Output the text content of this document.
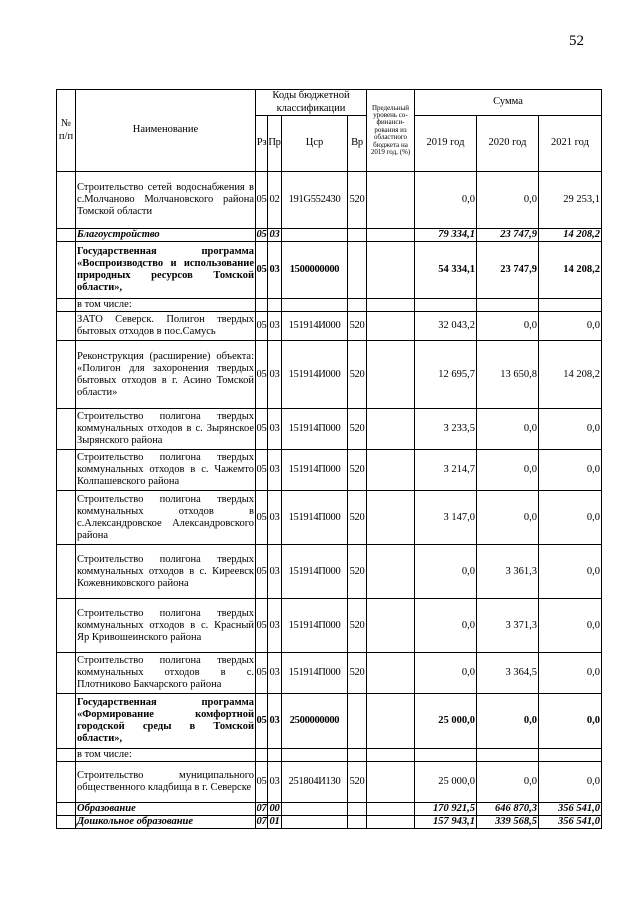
52
№ п/п	Наименование	Коды бюджетной классификации				Предельный уровень со-финанси-рования из областного бюджета на 2019 год, (%)	Сумма		
		Рз	Пр	Цср	Вр		2019 год	2020 год	2021 год
	Строительство сетей водоснабжения в с.Молчаново Молчановского района Томской области	05	02	191G552430	520		0,0	0,0	29 253,1
	Благоустройство	05	03				79 334,1	23 747,9	14 208,2
	Государственная программа «Воспроизводство и использование природных ресурсов Томской области»,	05	03	1500000000			54 334,1	23 747,9	14 208,2
	в том числе:								
	ЗАТО Северск. Полигон твердых бытовых отходов в пос.Самусь	05	03	151914И000	520		32 043,2	0,0	0,0
	Реконструкция (расширение) объекта: «Полигон для захоронения твердых бытовых отходов в г. Асино Томской области»	05	03	151914И000	520		12 695,7	13 650,8	14 208,2
	Строительство полигона твердых коммунальных отходов в с. Зырянское Зырянского района	05	03	151914П000	520		3 233,5	0,0	0,0
	Строительство полигона твердых коммунальных отходов в с. Чажемто Колпашевского района	05	03	151914П000	520		3 214,7	0,0	0,0
	Строительство полигона твердых коммунальных отходов в с.Александровское Александровского района	05	03	151914П000	520		3 147,0	0,0	0,0
	Строительство полигона твердых коммунальных отходов в с. Киреевск Кожевниковского района	05	03	151914П000	520		0,0	3 361,3	0,0
	Строительство полигона твердых коммунальных отходов в с. Красный Яр Кривошеинского района	05	03	151914П000	520		0,0	3 371,3	0,0
	Строительство полигона твердых коммунальных отходов в с. Плотниково Бакчарского района	05	03	151914П000	520		0,0	3 364,5	0,0
	Государственная программа «Формирование комфортной городской среды в Томской области»,	05	03	2500000000			25 000,0	0,0	0,0
	в том числе:								
	Строительство муниципального общественного кладбища в г. Северске	05	03	251804И130	520		25 000,0	0,0	0,0
	Образование	07	00				170 921,5	646 870,3	356 541,0
	Дошкольное образование	07	01				157 943,1	339 568,5	356 541,0
